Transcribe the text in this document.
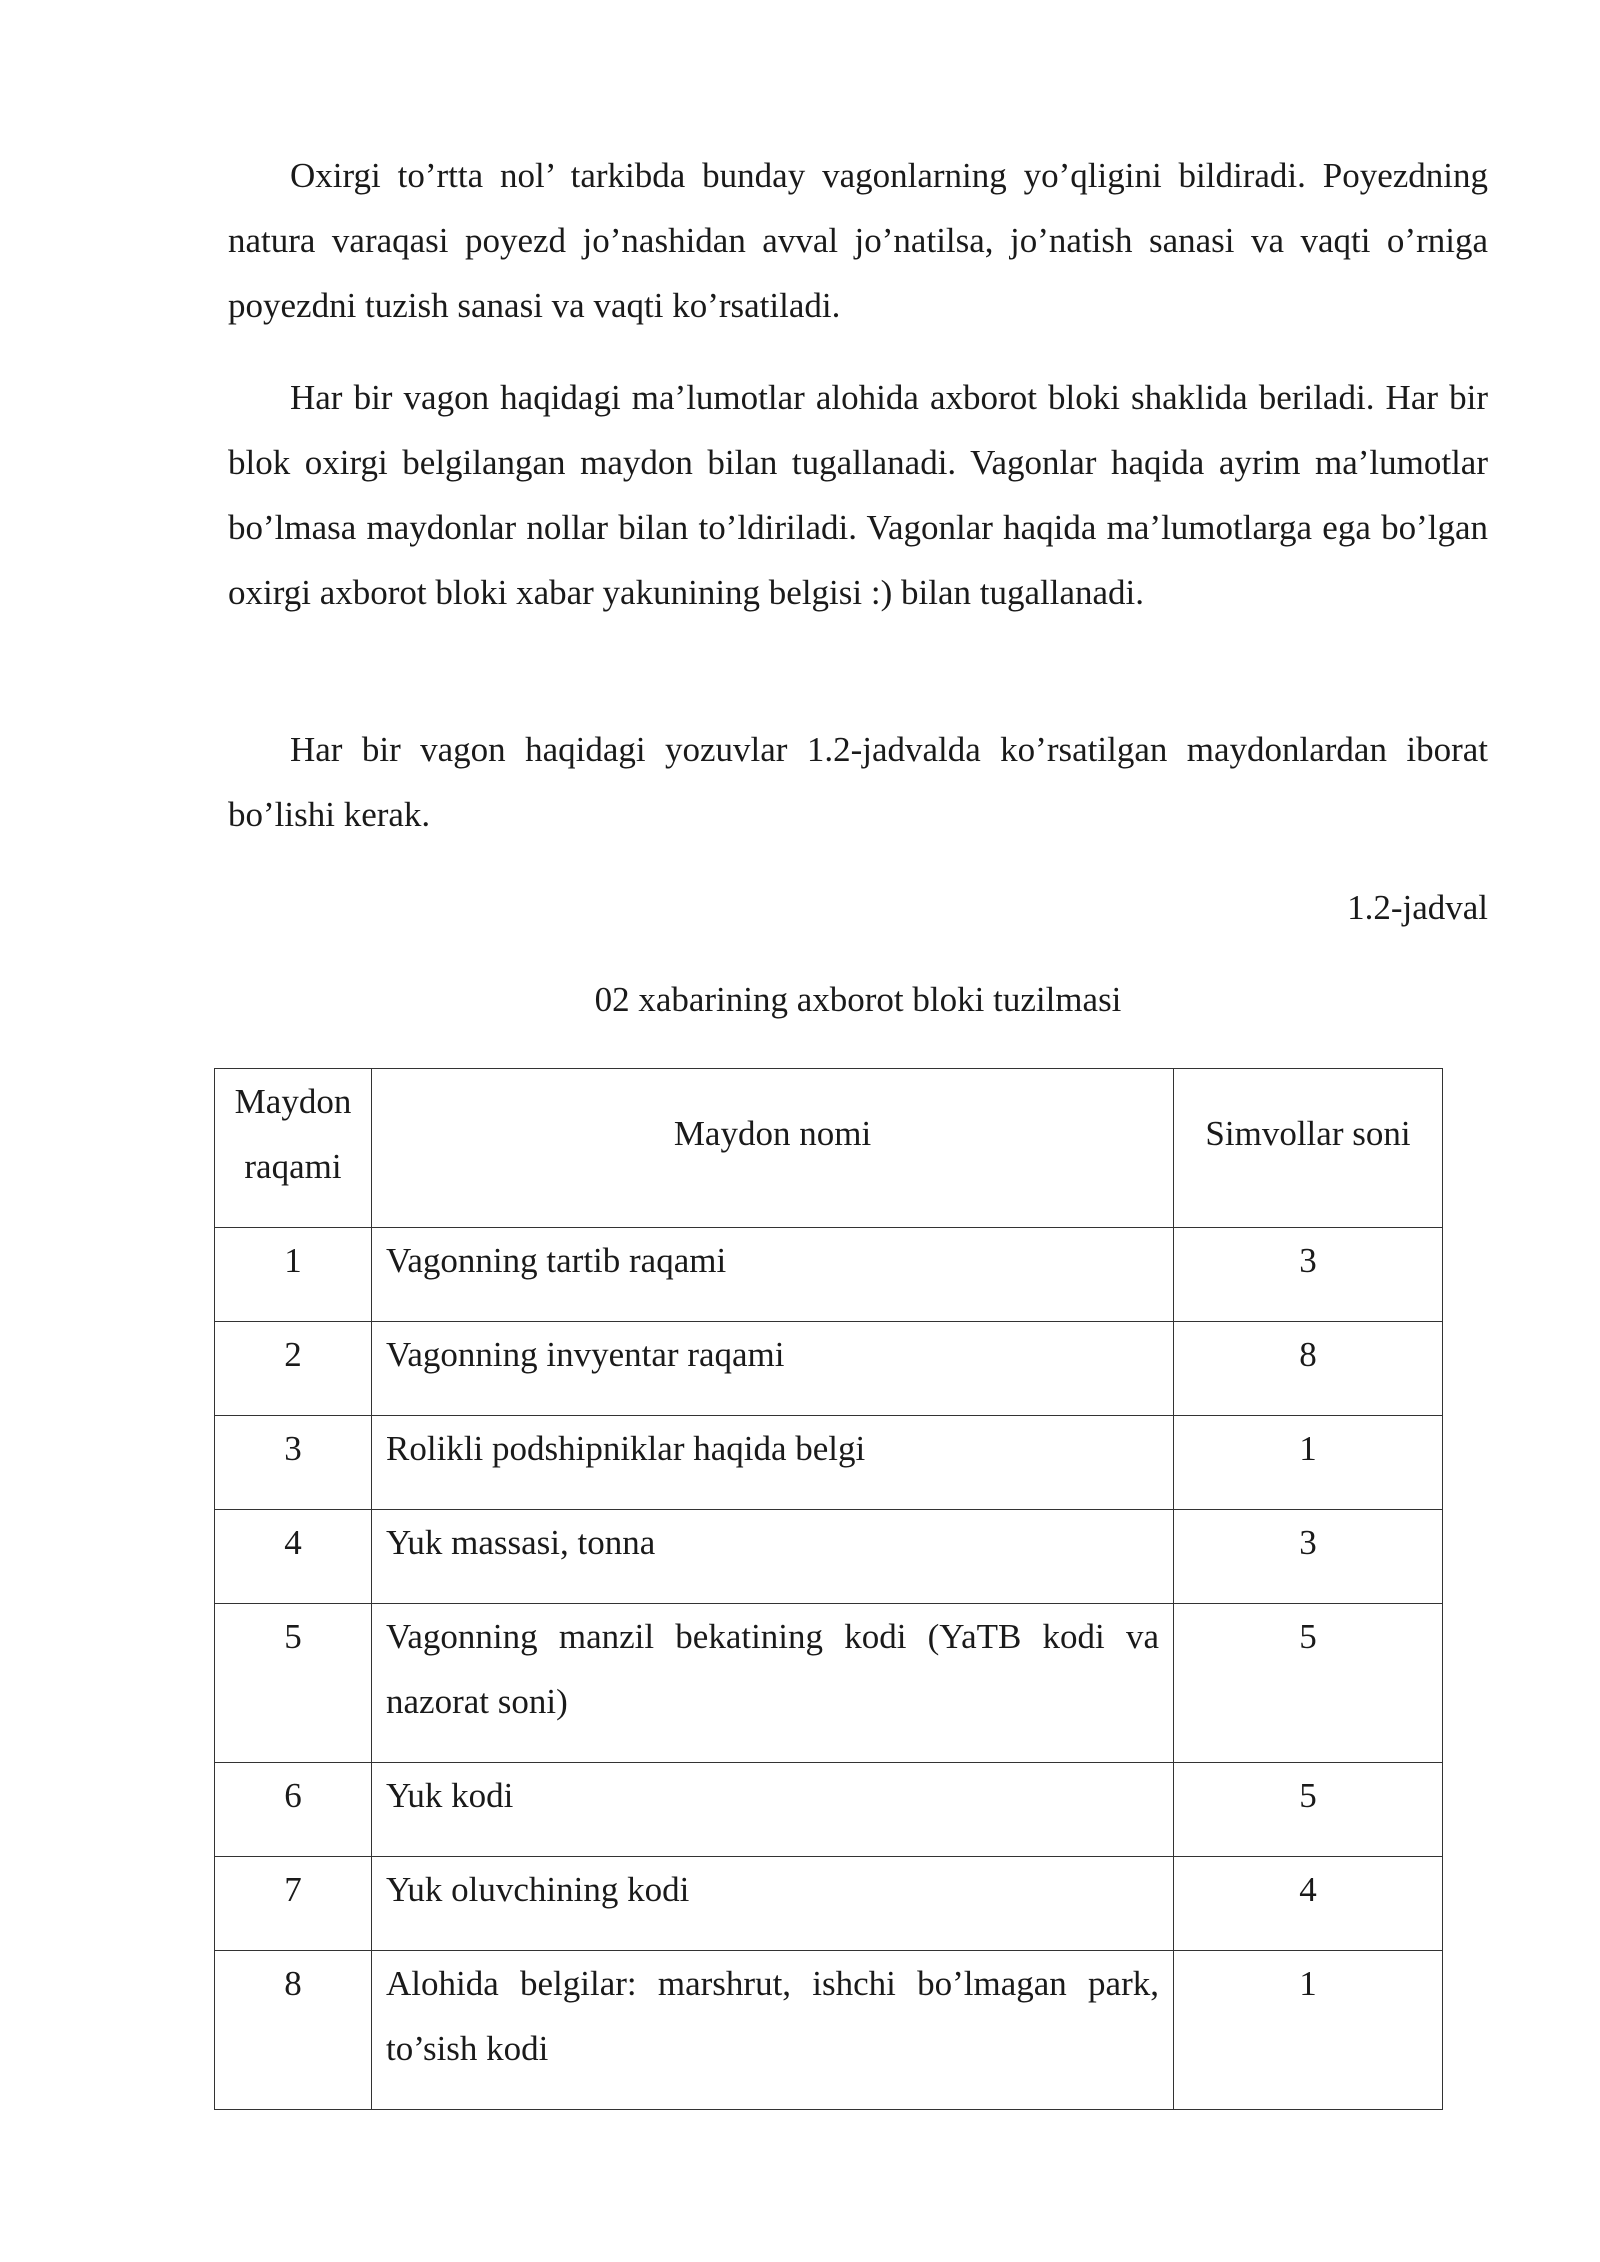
Oxirgi to’rtta nol’ tarkibda bunday vagonlarning yo’qligini bildiradi. Poyezdning natura varaqasi poyezd jo’nashidan avval jo’natilsa, jo’natish sanasi va vaqti o’rniga poyezdni tuzish sanasi va vaqti ko’rsatiladi.

Har bir vagon haqidagi ma’lumotlar alohida axborot bloki shaklida beriladi. Har bir blok oxirgi belgilangan maydon bilan tugallanadi. Vagonlar haqida ayrim ma’lumotlar bo’lmasa maydonlar nollar bilan to’ldiriladi. Vagonlar haqida ma’lumotlarga ega bo’lgan oxirgi axborot bloki xabar yakunining belgisi :) bilan tugallanadi.

Har bir vagon haqidagi yozuvlar 1.2-jadvalda ko’rsatilgan maydonlardan iborat bo’lishi kerak.

1.2-jadval
02 xabarining axborot bloki tuzilmasi
Maydon raqami	Maydon nomi	Simvollar soni
1	Vagonning tartib raqami	3
2	Vagonning invyentar raqami	8
3	Rolikli podshipniklar haqida belgi	1
4	Yuk massasi, tonna	3
5	Vagonning manzil bekatining kodi (YaTB kodi va nazorat soni)	5
6	Yuk kodi	5
7	Yuk oluvchining kodi	4
8	Alohida belgilar: marshrut, ishchi bo’lmagan park, to’sish kodi	1
